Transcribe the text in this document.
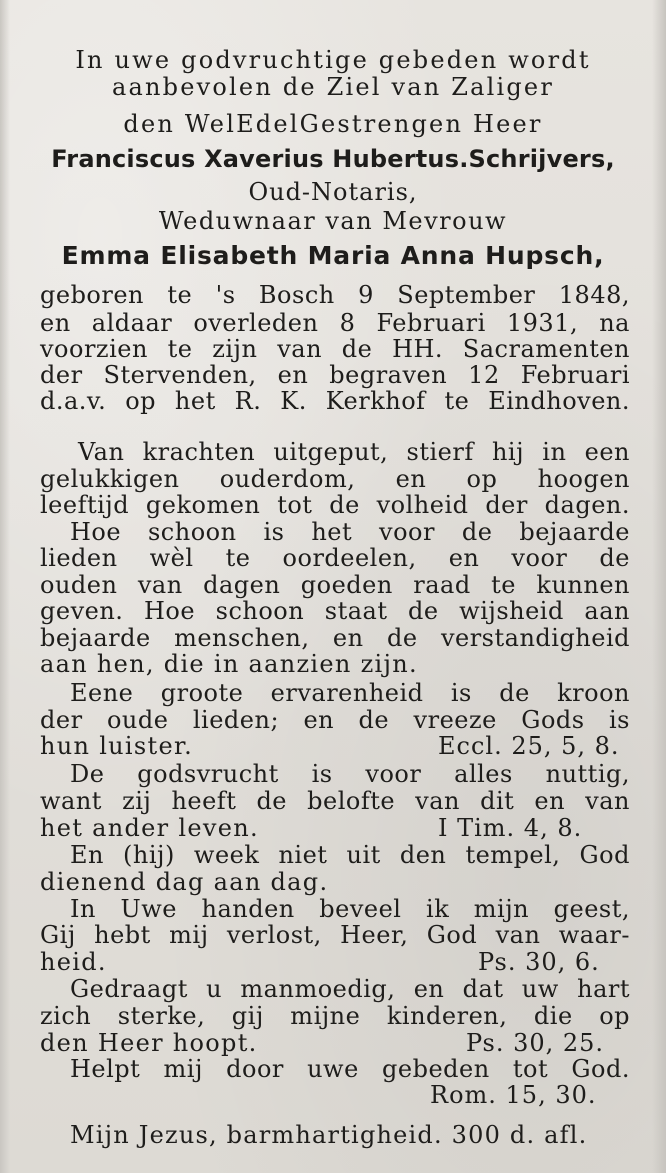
In uwe godvruchtige gebeden wordt
aanbevolen de Ziel van Zaliger
den WelEdelGestrengen Heer
Franciscus Xaverius Hubertus.Schrijvers,
Oud-Notaris,
Weduwnaar van Mevrouw
Emma Elisabeth Maria Anna Hupsch,
geboren te 's Bosch 9 September 1848,
en aldaar overleden 8 Februari 1931, na
voorzien te zijn van de HH. Sacramenten
der Stervenden, en begraven 12 Februari
d.a.v. op het R. K. Kerkhof te Eindhoven.
Van krachten uitgeput, stierf hij in een
gelukkigen ouderdom, en op hoogen
leeftijd gekomen tot de volheid der dagen.
Hoe schoon is het voor de bejaarde
lieden wèl te oordeelen, en voor de
ouden van dagen goeden raad te kunnen
geven. Hoe schoon staat de wijsheid aan
bejaarde menschen, en de verstandigheid
aan hen, die in aanzien zijn.
Eene groote ervarenheid is de kroon
der oude lieden; en de vreeze Gods is
hun luister.	Eccl. 25, 5, 8.
De godsvrucht is voor alles nuttig,
want zij heeft de belofte van dit en van
het ander leven.	I Tim. 4, 8.
En (hij) week niet uit den tempel, God
dienend dag aan dag.
In Uwe handen beveel ik mijn geest,
Gij hebt mij verlost, Heer, God van waar-
heid.	Ps. 30, 6.
Gedraagt u manmoedig, en dat uw hart
zich sterke, gij mijne kinderen, die op
den Heer hoopt.	Ps. 30, 25.
Helpt mij door uwe gebeden tot God.
Rom. 15, 30.
Mijn Jezus, barmhartigheid. 300 d. afl.
